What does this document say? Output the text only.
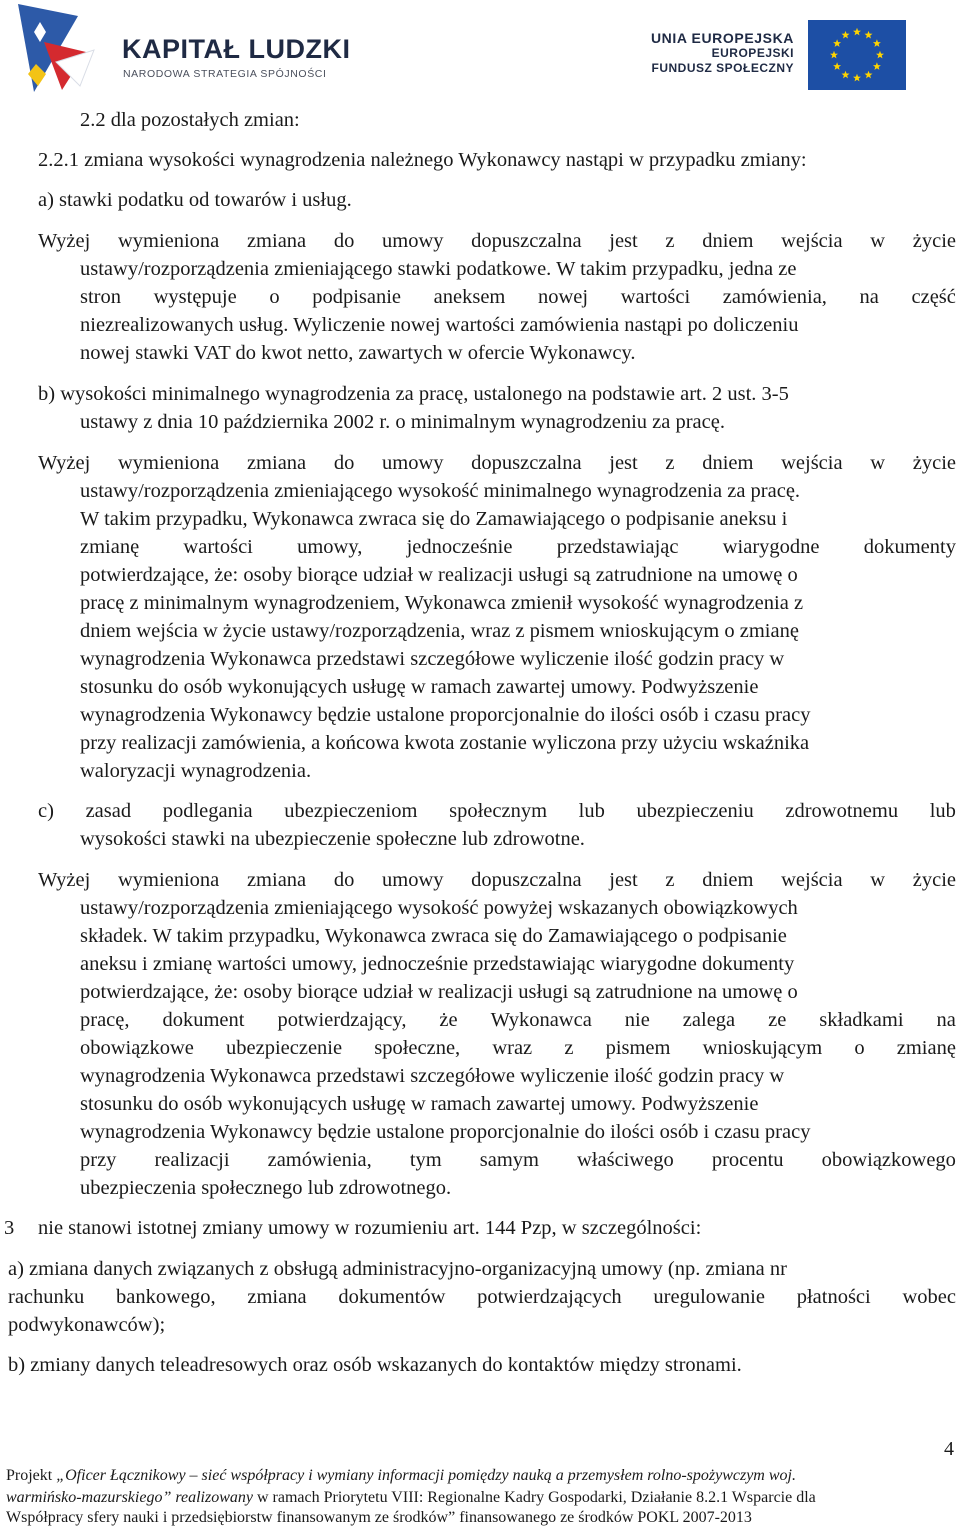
KAPITAŁ LUDZKI
NARODOWA STRATEGIA SPÓJNOŚCI
UNIA EUROPEJSKA
EUROPEJSKI
FUNDUSZ SPOŁECZNY
2.2 dla pozostałych zmian:
2.2.1 zmiana wysokości wynagrodzenia należnego Wykonawcy nastąpi w przypadku zmiany:
a) stawki podatku od towarów i usług.
Wyżej wymieniona zmiana do umowy dopuszczalna jest z dniem wejścia w życie
ustawy/rozporządzenia zmieniającego stawki podatkowe. W takim przypadku, jedna ze
stron występuje o podpisanie aneksem nowej wartości zamówienia, na część
niezrealizowanych usług. Wyliczenie nowej wartości zamówienia nastąpi po doliczeniu
nowej stawki VAT do kwot netto, zawartych w ofercie Wykonawcy.
b) wysokości minimalnego wynagrodzenia za pracę, ustalonego na podstawie art. 2 ust. 3-5
ustawy z dnia 10 października 2002 r. o minimalnym wynagrodzeniu za pracę.
Wyżej wymieniona zmiana do umowy dopuszczalna jest z dniem wejścia w życie
ustawy/rozporządzenia zmieniającego wysokość minimalnego wynagrodzenia za pracę.
W takim przypadku, Wykonawca zwraca się do Zamawiającego o podpisanie aneksu i
zmianę wartości umowy, jednocześnie przedstawiając wiarygodne dokumenty
potwierdzające, że: osoby biorące udział w realizacji usługi są zatrudnione na umowę o
pracę z minimalnym wynagrodzeniem, Wykonawca zmienił wysokość wynagrodzenia z
dniem wejścia w życie ustawy/rozporządzenia, wraz z pismem wnioskującym o zmianę
wynagrodzenia Wykonawca przedstawi szczegółowe wyliczenie ilość godzin pracy w
stosunku do osób wykonujących usługę w ramach zawartej umowy. Podwyższenie
wynagrodzenia Wykonawcy będzie ustalone proporcjonalnie do ilości osób i czasu pracy
przy realizacji zamówienia, a końcowa kwota zostanie wyliczona przy użyciu wskaźnika
waloryzacji wynagrodzenia.
c) zasad podlegania ubezpieczeniom społecznym lub ubezpieczeniu zdrowotnemu lub
wysokości stawki na ubezpieczenie społeczne lub zdrowotne.
Wyżej wymieniona zmiana do umowy dopuszczalna jest z dniem wejścia w życie
ustawy/rozporządzenia zmieniającego wysokość powyżej wskazanych obowiązkowych
składek. W takim przypadku, Wykonawca zwraca się do Zamawiającego o podpisanie
aneksu i zmianę wartości umowy, jednocześnie przedstawiając wiarygodne dokumenty
potwierdzające, że: osoby biorące udział w realizacji usługi są zatrudnione na umowę o
pracę, dokument potwierdzający, że Wykonawca nie zalega ze składkami na
obowiązkowe ubezpieczenie społeczne, wraz z pismem wnioskującym o zmianę
wynagrodzenia Wykonawca przedstawi szczegółowe wyliczenie ilość godzin pracy w
stosunku do osób wykonujących usługę w ramach zawartej umowy. Podwyższenie
wynagrodzenia Wykonawcy będzie ustalone proporcjonalnie do ilości osób i czasu pracy
przy realizacji zamówienia, tym samym właściwego procentu obowiązkowego
ubezpieczenia społecznego lub zdrowotnego.
3 nie stanowi istotnej zmiany umowy w rozumieniu art. 144 Pzp, w szczególności:
a) zmiana danych związanych z obsługą administracyjno-organizacyjną umowy (np. zmiana nr
rachunku bankowego, zmiana dokumentów potwierdzających uregulowanie płatności wobec
podwykonawców);
b) zmiany danych teleadresowych oraz osób wskazanych do kontaktów między stronami.
4
Projekt „Oficer Łącznikowy – sieć współpracy i wymiany informacji pomiędzy nauką a przemysłem rolno-spożywczym woj.
warmińsko-mazurskiego” realizowany w ramach Priorytetu VIII: Regionalne Kadry Gospodarki, Działanie 8.2.1 Wsparcie dla
Współpracy sfery nauki i przedsiębiorstw finansowanym ze środków” finansowanego ze środków POKL 2007-2013
